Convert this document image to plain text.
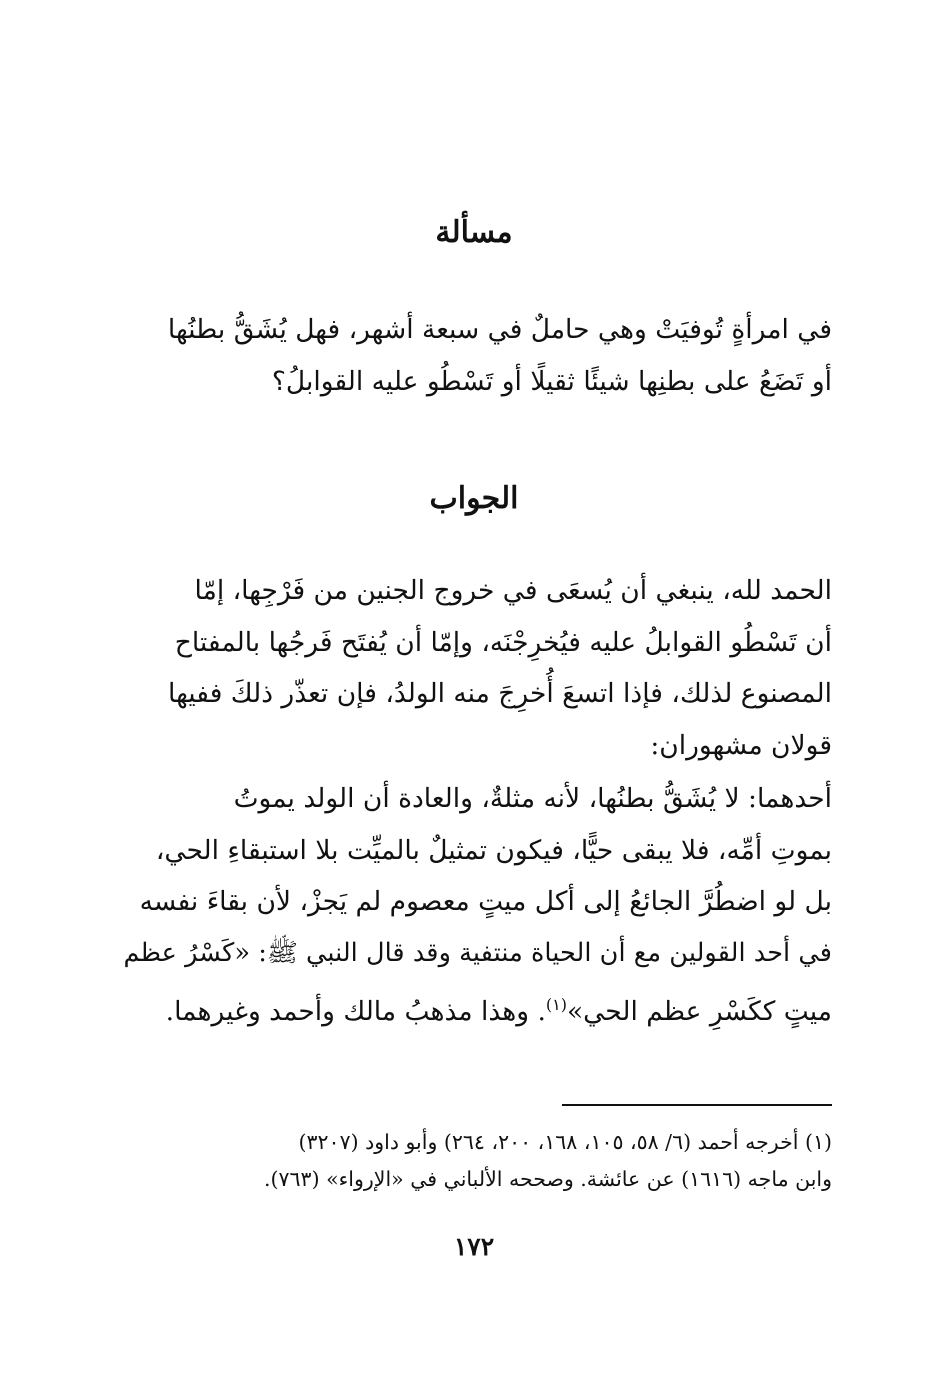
مسألة
في امرأةٍ تُوفيَتْ وهي حاملٌ في سبعة أشهر، فهل يُشَقُّ بطنُها
أو تَضَعُ على بطنِها شيئًا ثقيلًا أو تَسْطُو عليه القوابلُ؟
الجواب
الحمد لله، ينبغي أن يُسعَى في خروج الجنين من فَرْجِها، إمّا
أن تَسْطُو القوابلُ عليه فيُخرِجْنَه، وإمّا أن يُفتَح فَرجُها بالمفتاح
المصنوع لذلك، فإذا اتسعَ أُخرِجَ منه الولدُ، فإن تعذّر ذلكَ ففيها
قولان مشهوران:
أحدهما: لا يُشَقُّ بطنُها، لأنه مثلةٌ، والعادة أن الولد يموتُ
بموتِ أمِّه، فلا يبقى حيًّا، فيكون تمثيلٌ بالميِّت بلا استبقاءِ الحي،
بل لو اضطُرَّ الجائعُ إلى أكل ميتٍ معصوم لم يَجزْ، لأن بقاءَ نفسه
في أحد القولين مع أن الحياة منتفية وقد قال النبي ﷺ: «كَسْرُ عظم
ميتٍ ككَسْرِ عظم الحي»$^{(١)}$. وهذا مذهبُ مالك وأحمد وغيرهما.
(١) أخرجه أحمد (٦/ ٥٨، ١٠٥، ١٦٨، ٢٠٠، ٢٦٤) وأبو داود (٣٢٠٧)
وابن ماجه (١٦١٦) عن عائشة. وصححه الألباني في «الإرواء» (٧٦٣).
١٧٢
